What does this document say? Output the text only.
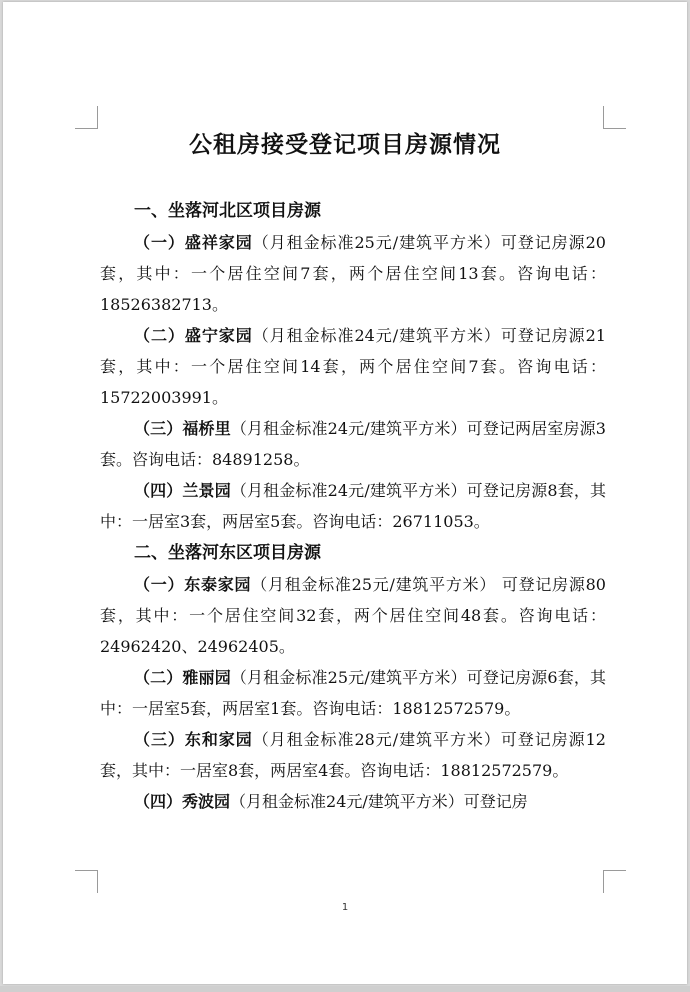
公租房接受登记项目房源情况

一、坐落河北区项目房源

（一）盛祥家园（月租金标准25元/建筑平方米）可登记房源20套，其中：一个居住空间7套，两个居住空间13套。咨询电话：18526382713。

（二）盛宁家园（月租金标准24元/建筑平方米）可登记房源21套，其中：一个居住空间14套，两个居住空间7套。咨询电话：15722003991。

（三）福桥里（月租金标准24元/建筑平方米）可登记两居室房源3套。咨询电话：84891258。

（四）兰景园（月租金标准24元/建筑平方米）可登记房源8套，其中：一居室3套，两居室5套。咨询电话：26711053。

二、坐落河东区项目房源

（一）东泰家园（月租金标准25元/建筑平方米） 可登记房源80套，其中：一个居住空间32套，两个居住空间48套。咨询电话：24962420、24962405。

（二）雅丽园（月租金标准25元/建筑平方米）可登记房源6套，其中：一居室5套，两居室1套。咨询电话：18812572579。

（三）东和家园（月租金标准28元/建筑平方米）可登记房源12套，其中：一居室8套，两居室4套。咨询电话：18812572579。

（四）秀波园（月租金标准24元/建筑平方米）可登记房

1
